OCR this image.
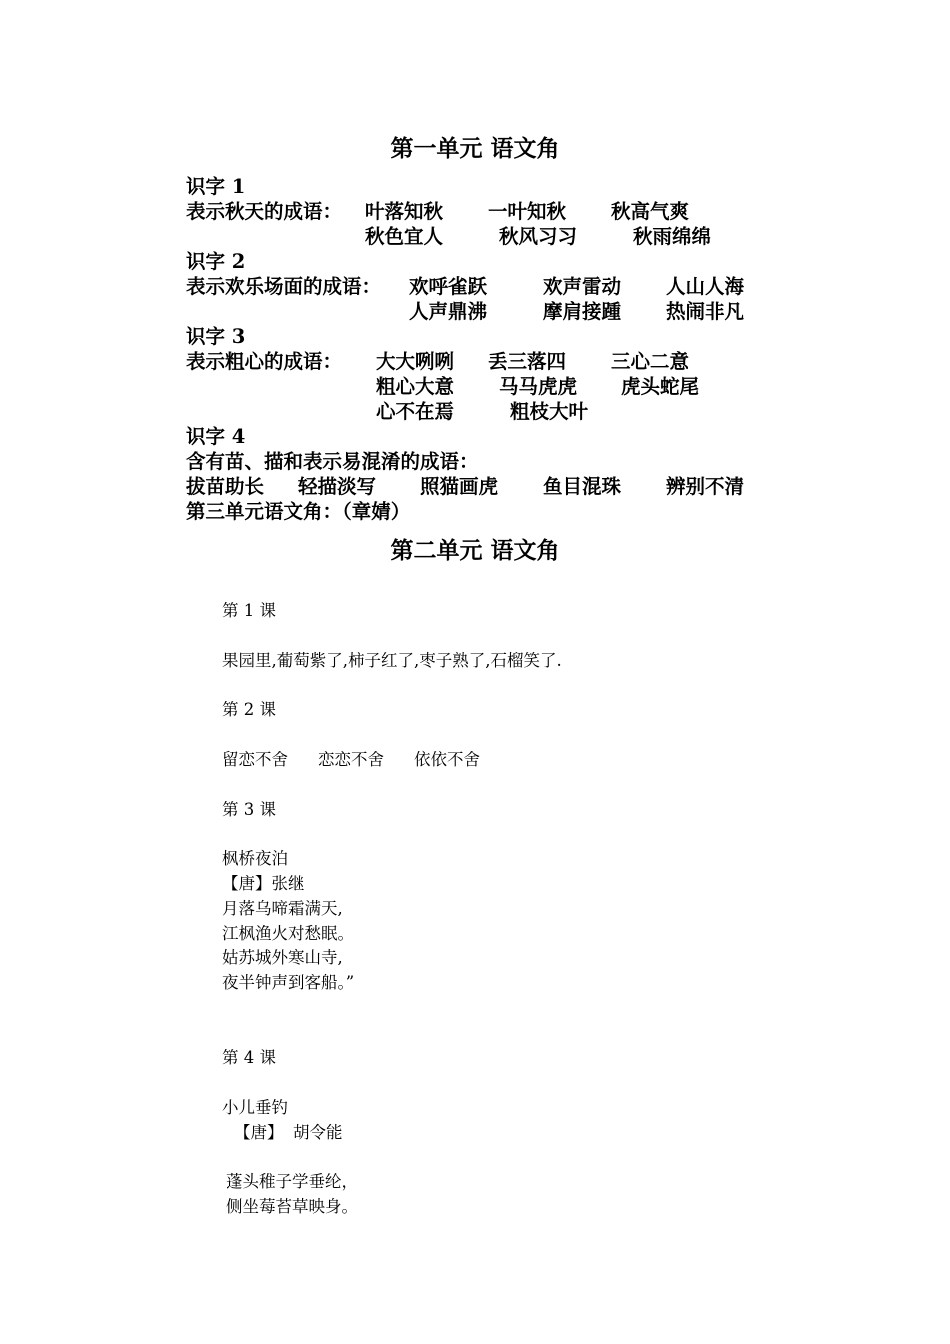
第一单元 语文角
识字 1
表示秋天的成语： 叶落知秋 一叶知秋 秋高气爽
秋色宜人	秋风习习	秋雨绵绵
识字 2
表示欢乐场面的成语： 欢呼雀跃	欢声雷动 人山人海
人声鼎沸	摩肩接踵 热闹非凡
识字 3
表示粗心的成语： 大大咧咧 丢三落四 三心二意
粗心大意 马马虎虎 虎头蛇尾
心不在焉	粗枝大叶
识字 4
含有苗、描和表示易混淆的成语：
拔苗助长 轻描淡写 照猫画虎 鱼目混珠 辨别不清
第三单元语文角：（章婧）
第二单元 语文角
第 1 课
果园里,葡萄紫了,柿子红了,枣子熟了,石榴笑了.
第 2 课
留恋不舍 恋恋不舍 依依不舍
第 3 课
枫桥夜泊
【唐】张继
月落乌啼霜满天,
江枫渔火对愁眠。
姑苏城外寒山寺,
夜半钟声到客船。”
第 4 课
小儿垂钓
【唐】 胡令能
蓬头稚子学垂纶，
侧坐莓苔草映身。
